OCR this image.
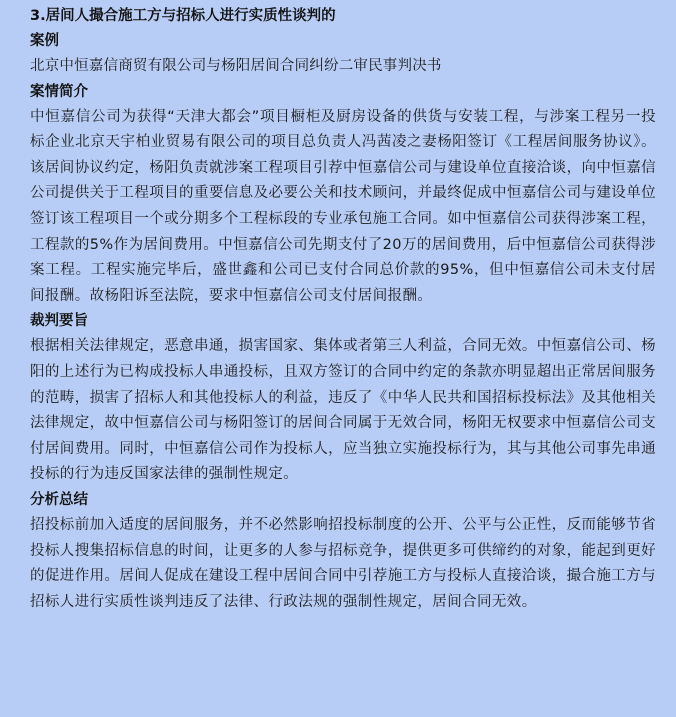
3.居间人撮合施工方与招标人进行实质性谈判的
案例

北京中恒嘉信商贸有限公司与杨阳居间合同纠纷二审民事判决书

案情简介

中恒嘉信公司为获得“天津大都会”项目橱柜及厨房设备的供货与安装工程，与涉案工程另一投标企业北京天宇柏业贸易有限公司的项目总负责人冯茜凌之妻杨阳签订《工程居间服务协议》。该居间协议约定，杨阳负责就涉案工程项目引荐中恒嘉信公司与建设单位直接洽谈，向中恒嘉信公司提供关于工程项目的重要信息及必要公关和技术顾问，并最终促成中恒嘉信公司与建设单位签订该工程项目一个或分期多个工程标段的专业承包施工合同。如中恒嘉信公司获得涉案工程，工程款的5%作为居间费用。中恒嘉信公司先期支付了20万的居间费用，后中恒嘉信公司获得涉案工程。工程实施完毕后，盛世鑫和公司已支付合同总价款的95%，但中恒嘉信公司未支付居间报酬。故杨阳诉至法院，要求中恒嘉信公司支付居间报酬。

裁判要旨

根据相关法律规定，恶意串通，损害国家、集体或者第三人利益，合同无效。中恒嘉信公司、杨阳的上述行为已构成投标人串通投标，且双方签订的合同中约定的条款亦明显超出正常居间服务的范畴，损害了招标人和其他投标人的利益，违反了《中华人民共和国招标投标法》及其他相关法律规定，故中恒嘉信公司与杨阳签订的居间合同属于无效合同，杨阳无权要求中恒嘉信公司支付居间费用。同时，中恒嘉信公司作为投标人，应当独立实施投标行为，其与其他公司事先串通投标的行为违反国家法律的强制性规定。

分析总结

招投标前加入适度的居间服务，并不必然影响招投标制度的公开、公平与公正性，反而能够节省投标人搜集招标信息的时间，让更多的人参与招标竞争，提供更多可供缔约的对象，能起到更好的促进作用。居间人促成在建设工程中居间合同中引荐施工方与投标人直接洽谈，撮合施工方与招标人进行实质性谈判违反了法律、行政法规的强制性规定，居间合同无效。
